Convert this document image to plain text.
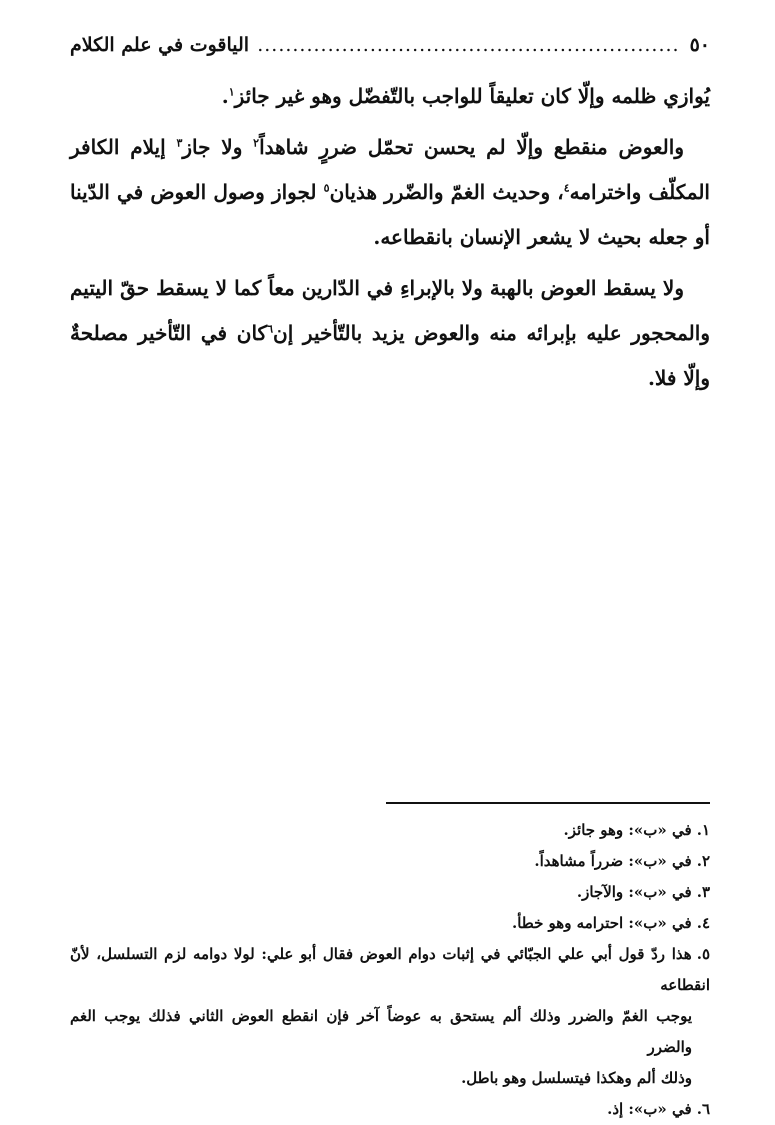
٥٠
.....
الياقوت في علم الكلام

يُوازي ظلمه وإلّا كان تعليقاً للواجب بالتّفضّل وهو غير جائز$^١$.

والعوض منقطع وإلّا لم يحسن تحمّل ضررٍ شاهداً$^٢$ ولا جاز$^٣$ إيلام الكافر المكلّف واخترامه$^٤$، وحديث الغمّ والضّرر هذيان$^٥$ لجواز وصول العوض في الدّينا أو جعله بحيث لا يشعر الإنسان بانقطاعه.

ولا يسقط العوض بالهبة ولا بالإبراءِ في الدّارين معاً كما لا يسقط حقّ اليتيم والمحجور عليه بإبرائه منه والعوض يزيد بالتّأخير إن$^٦$كان في التّأخير مصلحةٌ وإلّا فلا.

١.في «ب»: وهو جائز.

٢.في «ب»: ضرراً مشاهداً.

٣.في «ب»: والآجاز.

٤.في «ب»: احترامه وهو خطأ.

٥.هذا ردّ قول أبي علي الجبّائي في إثبات دوام العوض فقال أبو علي: لولا دوامه لزم التسلسل، لأنّ انقطاعه
يوجب الغمّ والضرر وذلك ألم يستحق به عوضاً آخر فإن انقطع العوض الثاني فذلك يوجب الغم والضرر
وذلك ألم وهكذا فيتسلسل وهو باطل.

٦.في «ب»: إذ.
